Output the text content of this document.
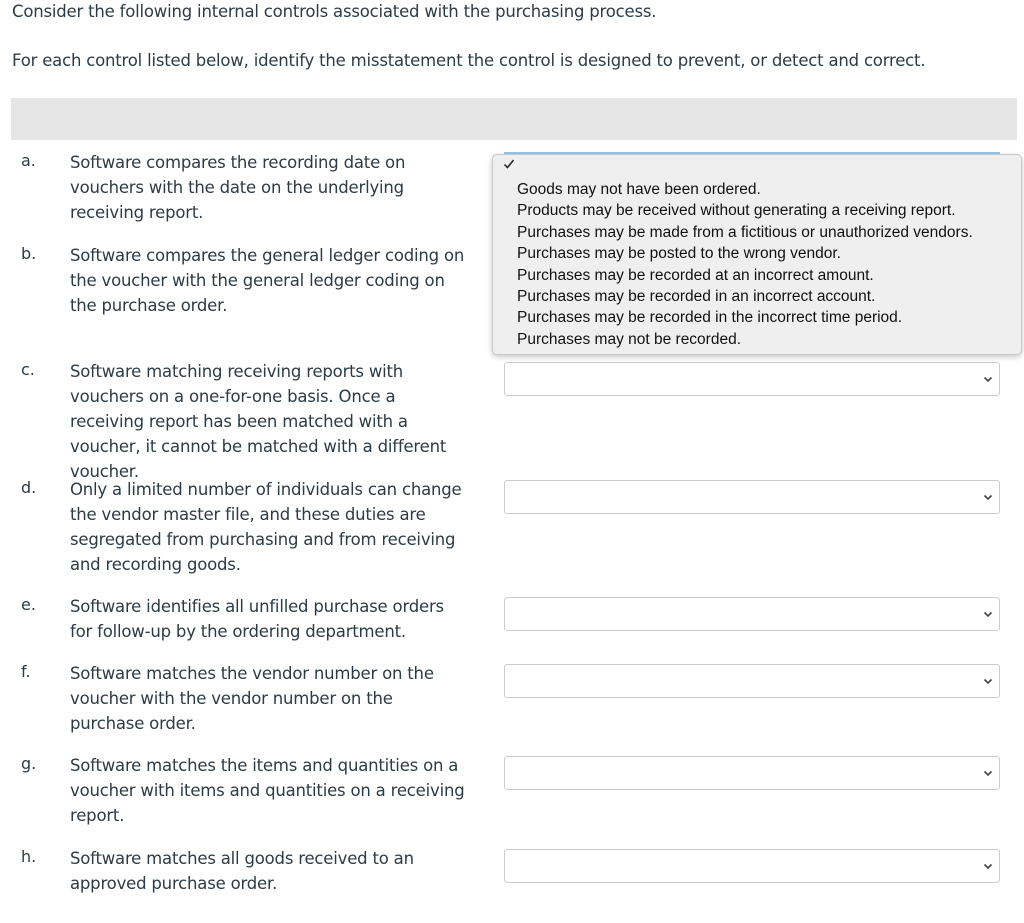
Consider the following internal controls associated with the purchasing process.
For each control listed below, identify the misstatement the control is designed to prevent, or detect and correct.
a. Software compares the recording date on vouchers with the date on the underlying receiving report.
b. Software compares the general ledger coding on the voucher with the general ledger coding on the purchase order.
c. Software matching receiving reports with vouchers on a one-for-one basis. Once a receiving report has been matched with a voucher, it cannot be matched with a different voucher.
d. Only a limited number of individuals can change the vendor master file, and these duties are segregated from purchasing and from receiving and recording goods.
e. Software identifies all unfilled purchase orders for follow-up by the ordering department.
f. Software matches the vendor number on the voucher with the vendor number on the purchase order.
g. Software matches the items and quantities on a voucher with items and quantities on a receiving report.
h. Software matches all goods received to an approved purchase order.
Goods may not have been ordered.
Products may be received without generating a receiving report.
Purchases may be made from a fictitious or unauthorized vendors.
Purchases may be posted to the wrong vendor.
Purchases may be recorded at an incorrect amount.
Purchases may be recorded in an incorrect account.
Purchases may be recorded in the incorrect time period.
Purchases may not be recorded.
